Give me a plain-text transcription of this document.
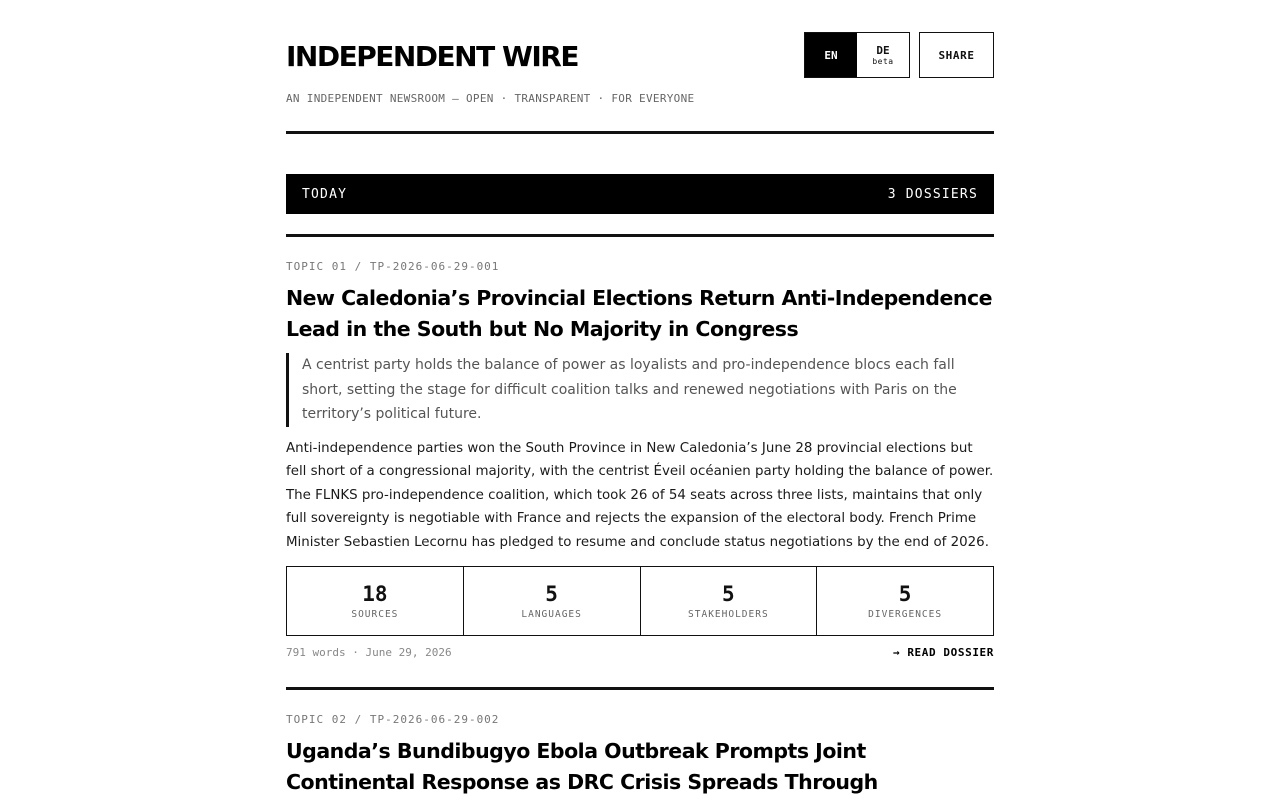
INDEPENDENT WIRE
AN INDEPENDENT NEWSROOM — OPEN · TRANSPARENT · FOR EVERYONE
EN	DE
beta	SHARE
TODAY	3 DOSSIERS
TOPIC 01 / TP-2026-06-29-001
New Caledonia’s Provincial Elections Return Anti-Independence Lead in the South but No Majority in Congress

A centrist party holds the balance of power as loyalists and pro-independence blocs each fall short, setting the stage for difficult coalition talks and renewed negotiations with Paris on the territory’s political future.

Anti-independence parties won the South Province in New Caledonia’s June 28 provincial elections but fell short of a congressional majority, with the centrist Éveil océanien party holding the balance of power. The FLNKS pro-independence coalition, which took 26 of 54 seats across three lists, maintains that only full sovereignty is negotiable with France and rejects the expansion of the electoral body. French Prime Minister Sebastien Lecornu has pledged to resume and conclude status negotiations by the end of 2026.

18
SOURCES
5
LANGUAGES
5
STAKEHOLDERS
5
DIVERGENCES
791 words · June 29, 2026	→ READ DOSSIER
TOPIC 02 / TP-2026-06-29-002
Uganda’s Bundibugyo Ebola Outbreak Prompts Joint Continental Response as DRC Crisis Spreads Through
